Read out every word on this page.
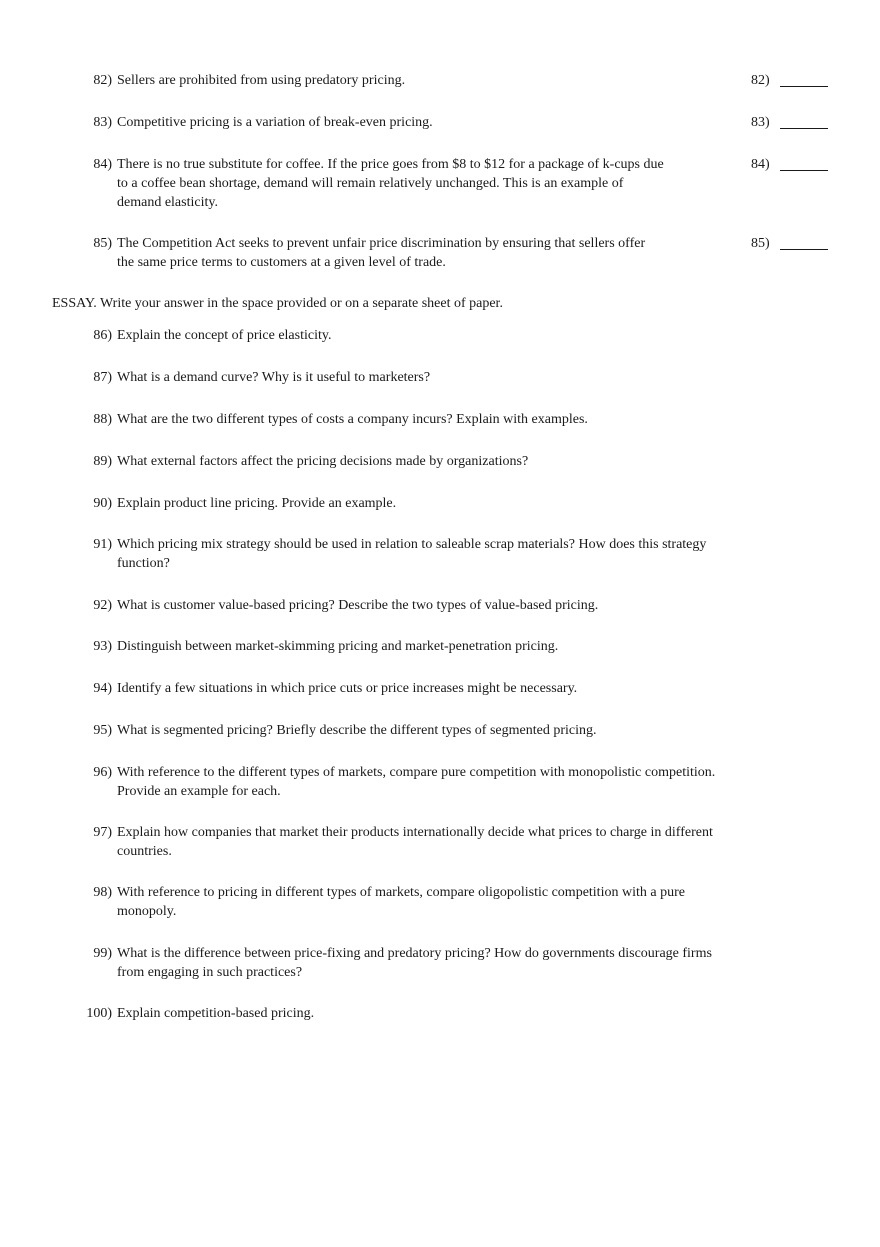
82) Sellers are prohibited from using predatory pricing.	82)
83) Competitive pricing is a variation of break-even pricing.	83)
84) There is no true substitute for coffee. If the price goes from $8 to $12 for a package of k-cups due
to a coffee bean shortage, demand will remain relatively unchanged. This is an example of
demand elasticity.
84)
85) The Competition Act seeks to prevent unfair price discrimination by ensuring that sellers offer
the same price terms to customers at a given level of trade.
85)
ESSAY. Write your answer in the space provided or on a separate sheet of paper.
86) Explain the concept of price elasticity.
87) What is a demand curve? Why is it useful to marketers?
88) What are the two different types of costs a company incurs? Explain with examples.
89) What external factors affect the pricing decisions made by organizations?
90) Explain product line pricing. Provide an example.
91) Which pricing mix strategy should be used in relation to saleable scrap materials? How does this strategy
function?
92) What is customer value-based pricing? Describe the two types of value-based pricing.
93) Distinguish between market-skimming pricing and market-penetration pricing.
94) Identify a few situations in which price cuts or price increases might be necessary.
95) What is segmented pricing? Briefly describe the different types of segmented pricing.
96) With reference to the different types of markets, compare pure competition with monopolistic competition.
Provide an example for each.
97) Explain how companies that market their products internationally decide what prices to charge in different
countries.
98) With reference to pricing in different types of markets, compare oligopolistic competition with a pure
monopoly.
99) What is the difference between price-fixing and predatory pricing? How do governments discourage firms
from engaging in such practices?
100) Explain competition-based pricing.
